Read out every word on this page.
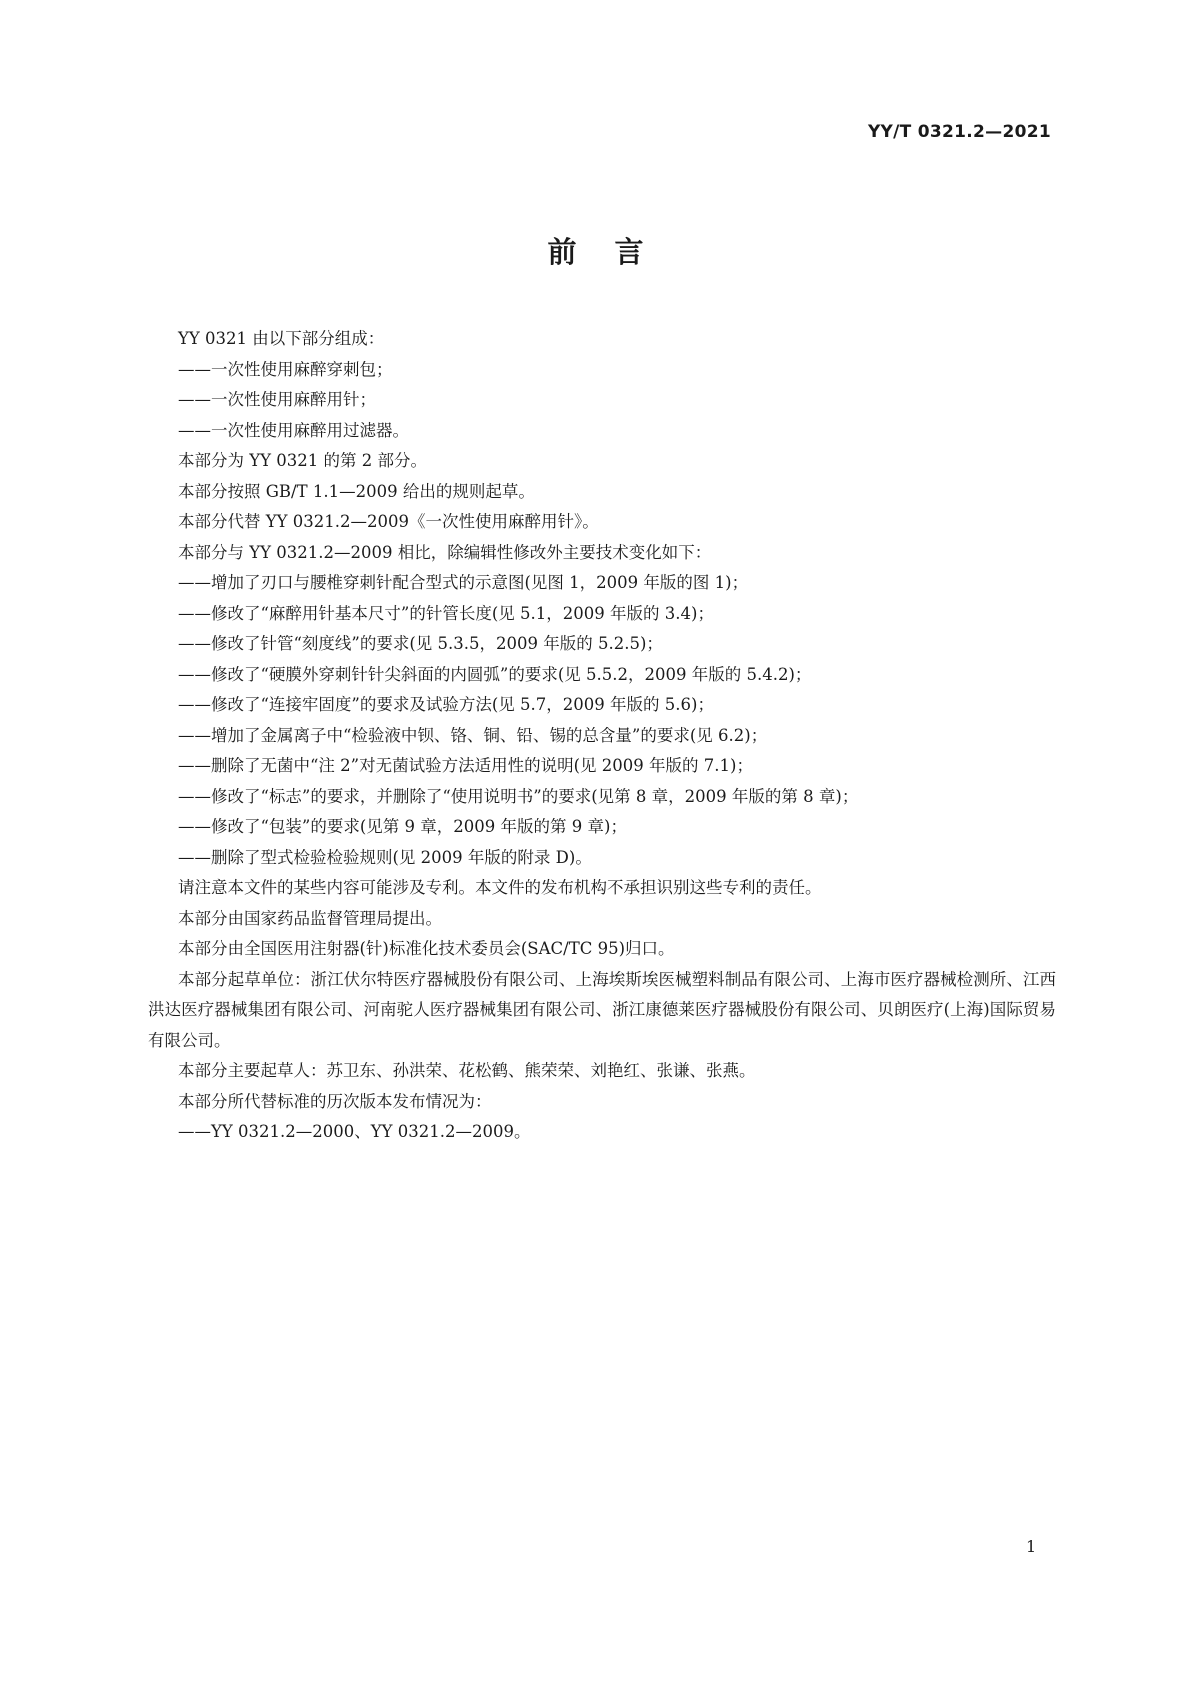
YY/T 0321.2—2021
前言

YY 0321 由以下部分组成：

——一次性使用麻醉穿刺包；

——一次性使用麻醉用针；

——一次性使用麻醉用过滤器。

本部分为 YY 0321 的第 2 部分。

本部分按照 GB/T 1.1—2009 给出的规则起草。

本部分代替 YY 0321.2—2009《一次性使用麻醉用针》。

本部分与 YY 0321.2—2009 相比，除编辑性修改外主要技术变化如下：

——增加了刃口与腰椎穿刺针配合型式的示意图(见图 1，2009 年版的图 1)；

——修改了“麻醉用针基本尺寸”的针管长度(见 5.1，2009 年版的 3.4)；

——修改了针管“刻度线”的要求(见 5.3.5，2009 年版的 5.2.5)；

——修改了“硬膜外穿刺针针尖斜面的内圆弧”的要求(见 5.5.2，2009 年版的 5.4.2)；

——修改了“连接牢固度”的要求及试验方法(见 5.7，2009 年版的 5.6)；

——增加了金属离子中“检验液中钡、铬、铜、铅、锡的总含量”的要求(见 6.2)；

——删除了无菌中“注 2”对无菌试验方法适用性的说明(见 2009 年版的 7.1)；

——修改了“标志”的要求，并删除了“使用说明书”的要求(见第 8 章，2009 年版的第 8 章)；

——修改了“包装”的要求(见第 9 章，2009 年版的第 9 章)；

——删除了型式检验检验规则(见 2009 年版的附录 D)。

请注意本文件的某些内容可能涉及专利。本文件的发布机构不承担识别这些专利的责任。

本部分由国家药品监督管理局提出。

本部分由全国医用注射器(针)标准化技术委员会(SAC/TC 95)归口。

本部分起草单位：浙江伏尔特医疗器械股份有限公司、上海埃斯埃医械塑料制品有限公司、上海市医疗器械检测所、江西洪达医疗器械集团有限公司、河南驼人医疗器械集团有限公司、浙江康德莱医疗器械股份有限公司、贝朗医疗(上海)国际贸易有限公司。

本部分主要起草人：苏卫东、孙洪荣、花松鹤、熊荣荣、刘艳红、张谦、张燕。

本部分所代替标准的历次版本发布情况为：

——YY 0321.2—2000、YY 0321.2—2009。

1
